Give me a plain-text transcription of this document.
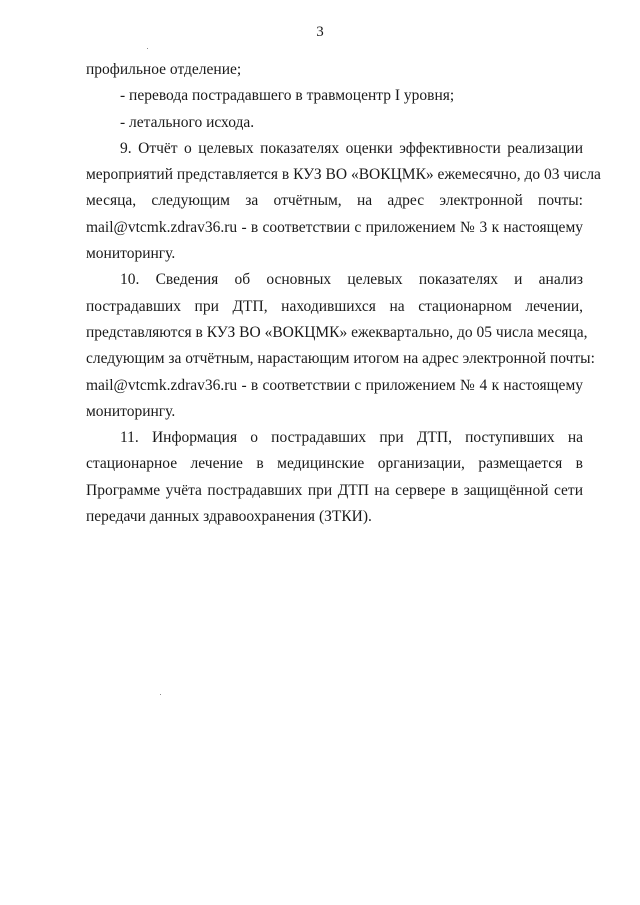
3
профильное отделение;
- перевода пострадавшего в травмоцентр I уровня;
- летального исхода.
9. Отчёт о целевых показателях оценки эффективности реализации
мероприятий представляется в КУЗ ВО «ВОКЦМК» ежемесячно, до 03 числа
месяца, следующим за отчётным, на адрес электронной почты:
mail@vtcmk.zdrav36.ru - в соответствии с приложением № 3 к настоящему
мониторингу.
10. Сведения об основных целевых показателях и анализ
пострадавших при ДТП, находившихся на стационарном лечении,
представляются в КУЗ ВО «ВОКЦМК» ежеквартально, до 05 числа месяца,
следующим за отчётным, нарастающим итогом на адрес электронной почты:
mail@vtcmk.zdrav36.ru - в соответствии с приложением № 4 к настоящему
мониторингу.
11. Информация о пострадавших при ДТП, поступивших на
стационарное лечение в медицинские организации, размещается в
Программе учёта пострадавших при ДТП на сервере в защищённой сети
передачи данных здравоохранения (ЗТКИ).
